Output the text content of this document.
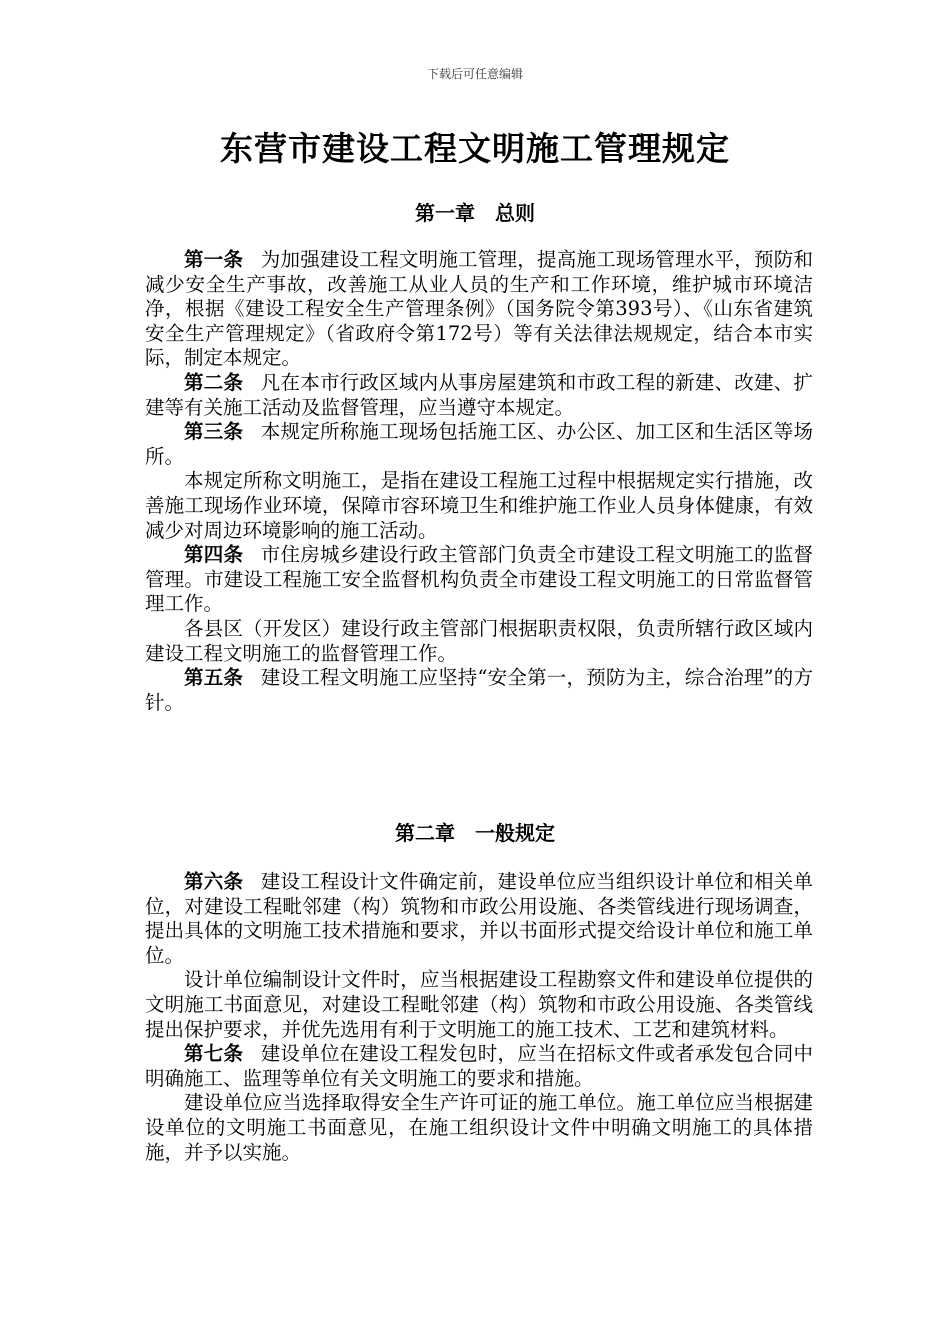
下载后可任意编辑
东营市建设工程文明施工管理规定
第一章　总则

第一条 为加强建设工程文明施工管理，提高施工现场管理水平，预防和减少安全生产事故，改善施工从业人员的生产和工作环境，维护城市环境洁净，根据《建设工程安全生产管理条例》（国务院令第393号）、《山东省建筑安全生产管理规定》（省政府令第172号）等有关法律法规规定，结合本市实际，制定本规定。

第二条 凡在本市行政区域内从事房屋建筑和市政工程的新建、改建、扩建等有关施工活动及监督管理，应当遵守本规定。

第三条 本规定所称施工现场包括施工区、办公区、加工区和生活区等场所。

本规定所称文明施工，是指在建设工程施工过程中根据规定实行措施，改善施工现场作业环境，保障市容环境卫生和维护施工作业人员身体健康，有效减少对周边环境影响的施工活动。

第四条 市住房城乡建设行政主管部门负责全市建设工程文明施工的监督管理。市建设工程施工安全监督机构负责全市建设工程文明施工的日常监督管理工作。

各县区（开发区）建设行政主管部门根据职责权限，负责所辖行政区域内建设工程文明施工的监督管理工作。

第五条 建设工程文明施工应坚持“安全第一，预防为主，综合治理”的方针。

第二章　一般规定

第六条 建设工程设计文件确定前，建设单位应当组织设计单位和相关单位，对建设工程毗邻建（构）筑物和市政公用设施、各类管线进行现场调查，提出具体的文明施工技术措施和要求，并以书面形式提交给设计单位和施工单位。

设计单位编制设计文件时，应当根据建设工程勘察文件和建设单位提供的文明施工书面意见，对建设工程毗邻建（构）筑物和市政公用设施、各类管线提出保护要求，并优先选用有利于文明施工的施工技术、工艺和建筑材料。

第七条 建设单位在建设工程发包时，应当在招标文件或者承发包合同中明确施工、监理等单位有关文明施工的要求和措施。

建设单位应当选择取得安全生产许可证的施工单位。施工单位应当根据建设单位的文明施工书面意见，在施工组织设计文件中明确文明施工的具体措施，并予以实施。
